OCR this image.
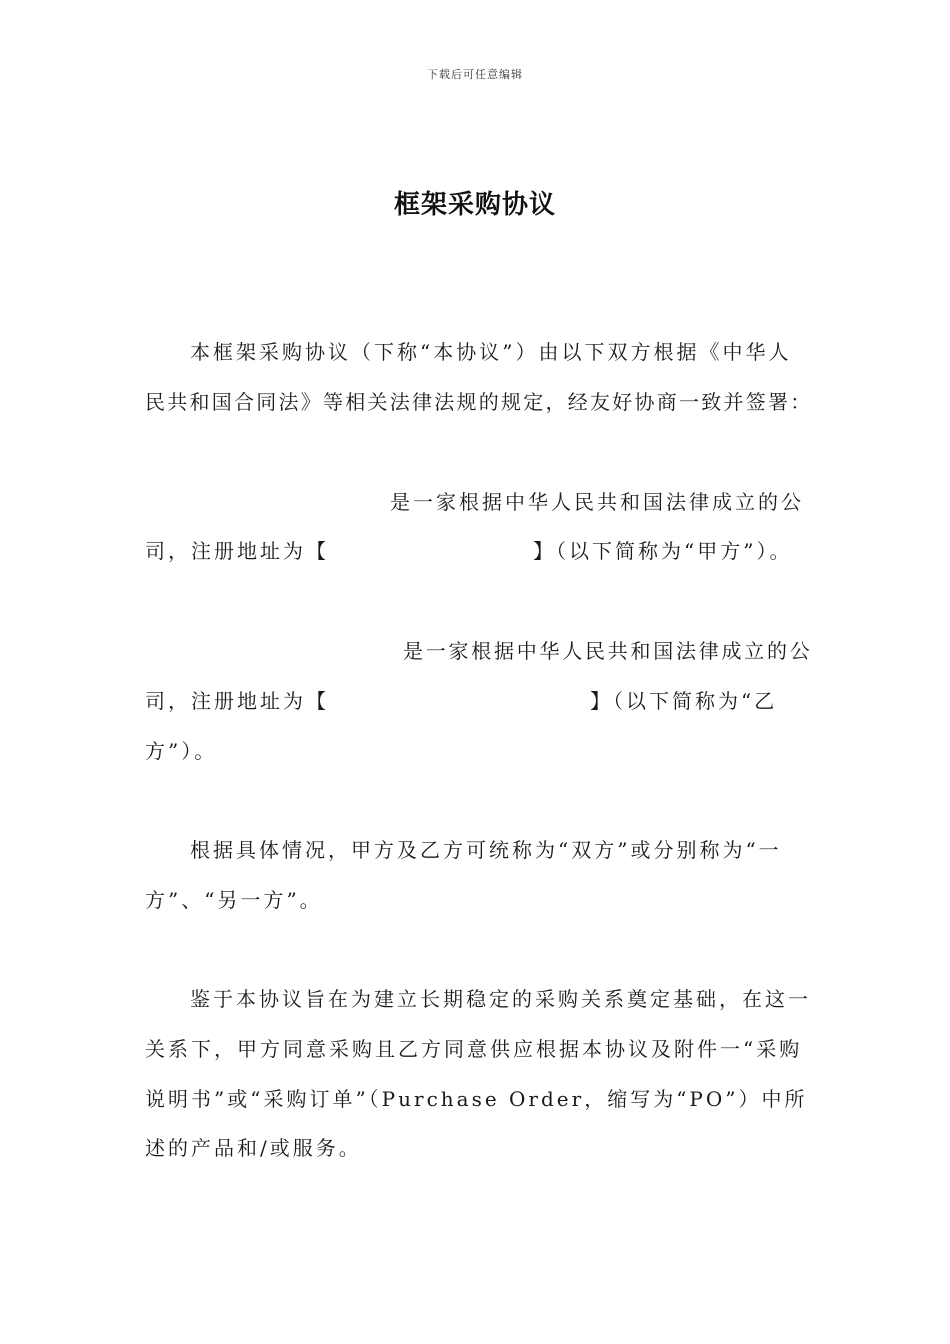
下载后可任意编辑
框架采购协议
本框架采购协议（下称“本协议”）由以下双方根据《中华人
民共和国合同法》等相关法律法规的规定，经友好协商一致并签署：
是一家根据中华人民共和国法律成立的公
司，注册地址为【	】（以下简称为“甲方”）。
是一家根据中华人民共和国法律成立的公
司，注册地址为【	】（以下简称为“乙
方”）。
根据具体情况，甲方及乙方可统称为“双方”或分别称为“一
方”、“另一方”。
鉴于本协议旨在为建立长期稳定的采购关系奠定基础，在这一
关系下，甲方同意采购且乙方同意供应根据本协议及附件一“采购
说明书”或“采购订单”（Purchase Order，缩写为“PO”）中所
述的产品和/或服务。
